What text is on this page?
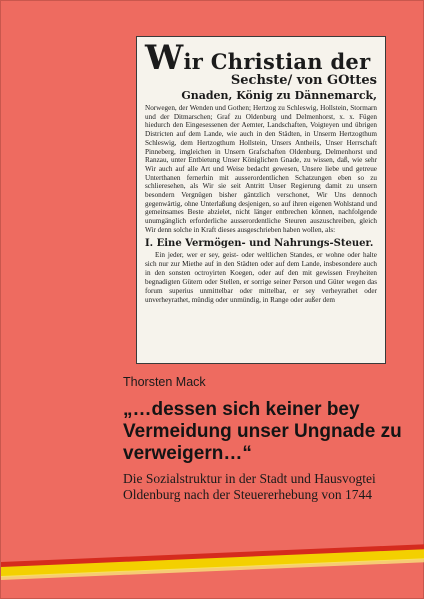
Wir Christian der
Sechste/ von GOttes
Gnaden, König zu Dännemarck,
Norwegen, der Wenden und Gothen; Hertzog zu Schleswig, Hollstein, Stormarn und der Ditmarschen; Graf zu Oldenburg und Delmenhorst, x. x. Fügen hiedurch den Eingesessenen der Aemter, Landschaften, Voigteyen und übrigen Districten auf dem Lande, wie auch in den Städten, in Unserm Hertzogthum Schleswig, dem Hertzogthum Hollstein, Unsers Antheils, Unser Herrschaft Pinneberg, imgleichen in Unsern Grafschaften Oldenburg, Delmenhorst und Ranzau, unter Entbietung Unser Königlichen Gnade, zu wissen, daß, wie sehr Wir auch auf alle Art und Weise bedacht gewesen, Unsere liebe und getreue Unterthanen fernerhin mit ausserordentlichen Schatzungen eben so zu schlieresehen, als Wir sie seit Antritt Unser Regierung damit zu unsern besondern Vergnügen bisher gäntzlich verschonet, Wir Uns dennoch gegenwärtig, ohne Unterlaßung desjenigen, so auf ihren eigenen Wohlstand und gemeinsames Beste abzielet, nicht länger entbrechen können, nachfolgende unumgänglich erforderliche ausserordentliche Steuren auszuschreiben, gleich Wir denn solche in Kraft dieses ausgeschrieben haben wollen, als:
I. Eine Vermögen- und Nahrungs-Steuer.
Ein jeder, wer er sey, geist- oder weltlichen Standes, er wohne oder halte sich nur zur Miethe auf in den Städten oder auf dem Lande, insbesondere auch in den sonsten octroyirten Koegen, oder auf den mit gewissen Freyheiten begnadigten Gütern oder Stellen, er sorrige seiner Person und Güter wegen das forum superius unmittelbar oder mittelbar, er sey verheyrathet oder unverheyrathet, mündig oder unmündig, in Range oder außer dem
Thorsten Mack
„…dessen sich keiner bey Vermeidung unser Ungnade zu verweigern…“
Die Sozialstruktur in der Stadt und Hausvogtei Oldenburg nach der Steuererhebung von 1744
